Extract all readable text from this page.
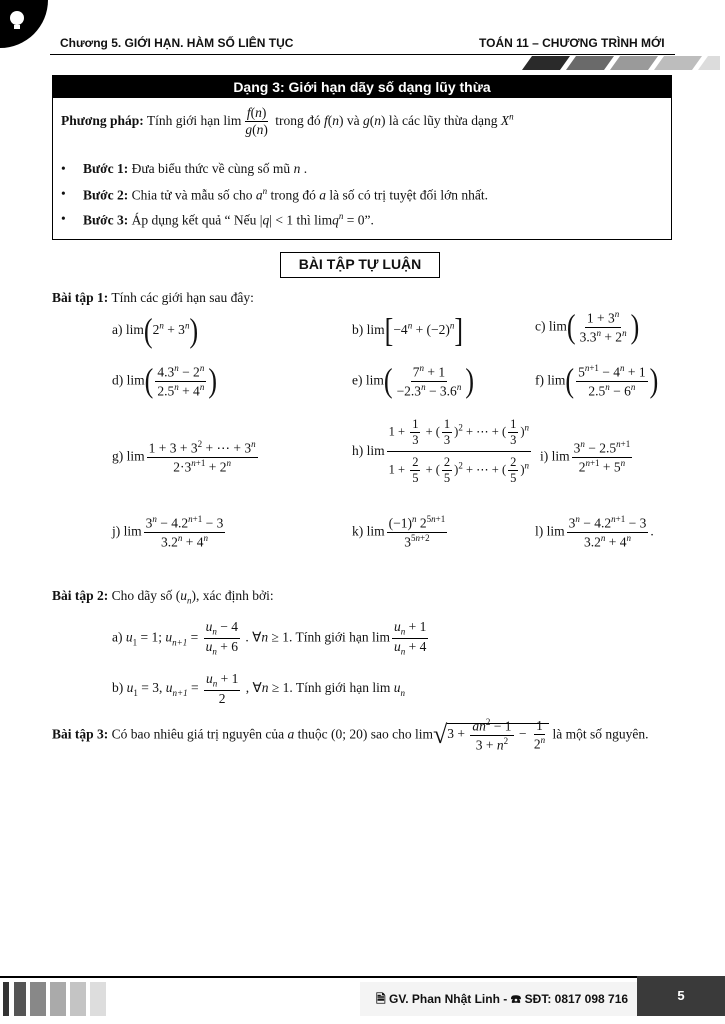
Chương 5. GIỚI HẠN. HÀM SỐ LIÊN TỤC	TOÁN 11 – CHƯƠNG TRÌNH MỚI
Dạng 3: Giới hạn dãy số dạng lũy thừa
Phương pháp: Tính giới hạn $\lim \frac{f(n)}{g(n)}$ trong đó f(n) và g(n) là các lũy thừa dạng $X^n$
• Bước 1: Đưa biểu thức về cùng số mũ n .
• Bước 2: Chia tử và mẫu số cho $a^n$ trong đó a là số có trị tuyệt đối lớn nhất.
• Bước 3: Áp dụng kết quả “ Nếu |q| < 1 thì limq$^n$ = 0”.
BÀI TẬP TỰ LUẬN
Bài tập 1: Tính các giới hạn sau đây:
a) $\lim(2^n + 3^n)$	b) $\lim[-4^n + (-2)^n]$	c) $\lim( \frac{1 + 3^n}{3.3^n + 2^n}$ )
d) $\lim( \frac{4.3^n - 2^n}{2.5^n + 4^n}$ )	e) $\lim( \frac{7^n + 1}{-2.3^n - 3.6^n}$ )	f) $\lim( \frac{5^{n+1} - 4^n + 1}{2.5^n - 6^n}$ )
g) $\lim \frac{1 + 3 + 3^2 + \cdots + 3^n}{2\cdot 3^{n+1} + 2^n}$	h) $\lim \frac{1 + \frac{1}{3} + ( \frac{1}{3} )^2 + \cdots + ( \frac{1}{3} )^n}{1 + \frac{2}{5} + ( \frac{2}{5} )^2 + \cdots + ( \frac{2}{5} )^n} i$) $\lim \frac{3^n - 2.5^{n+1}}{2^{n+1} + 5^n}$
j) $\lim \frac{3^n - 4.2^{n+1} - 3}{3.2^n + 4^n}$	k) $\lim \frac{(-1)^n 2^{5n+1}}{3^{5n+2}}$	l) $\lim \frac{3^n - 4.2^{n+1} - 3}{3.2^n + 4^n}$ .
Bài tập 2: Cho dãy số $(u_n)$, xác định bởi:
a) $u_1 = 1$; $u_{n+1} = \frac{u_n - 4}{u_n + 6}$ . ∀n ≥ 1. Tính giới hạn $\lim \frac{u_n + 1}{u_n + 4}$
b) $u_1 = 3$, $u_{n+1} = \frac{u_n + 1}{2}$ , ∀n ≥ 1. Tính giới hạn $\lim u_n$
Bài tập 3: Có bao nhiêu giá trị nguyên của a thuộc (0; 20) sao cho $\lim√3 + \frac{an^2 - 1}{3 + n^2} - \frac{1}{2^n}$ là một số nguyên.
🗎 GV. Phan Nhật Linh - ☎ SĐT: 0817 098 716	5
